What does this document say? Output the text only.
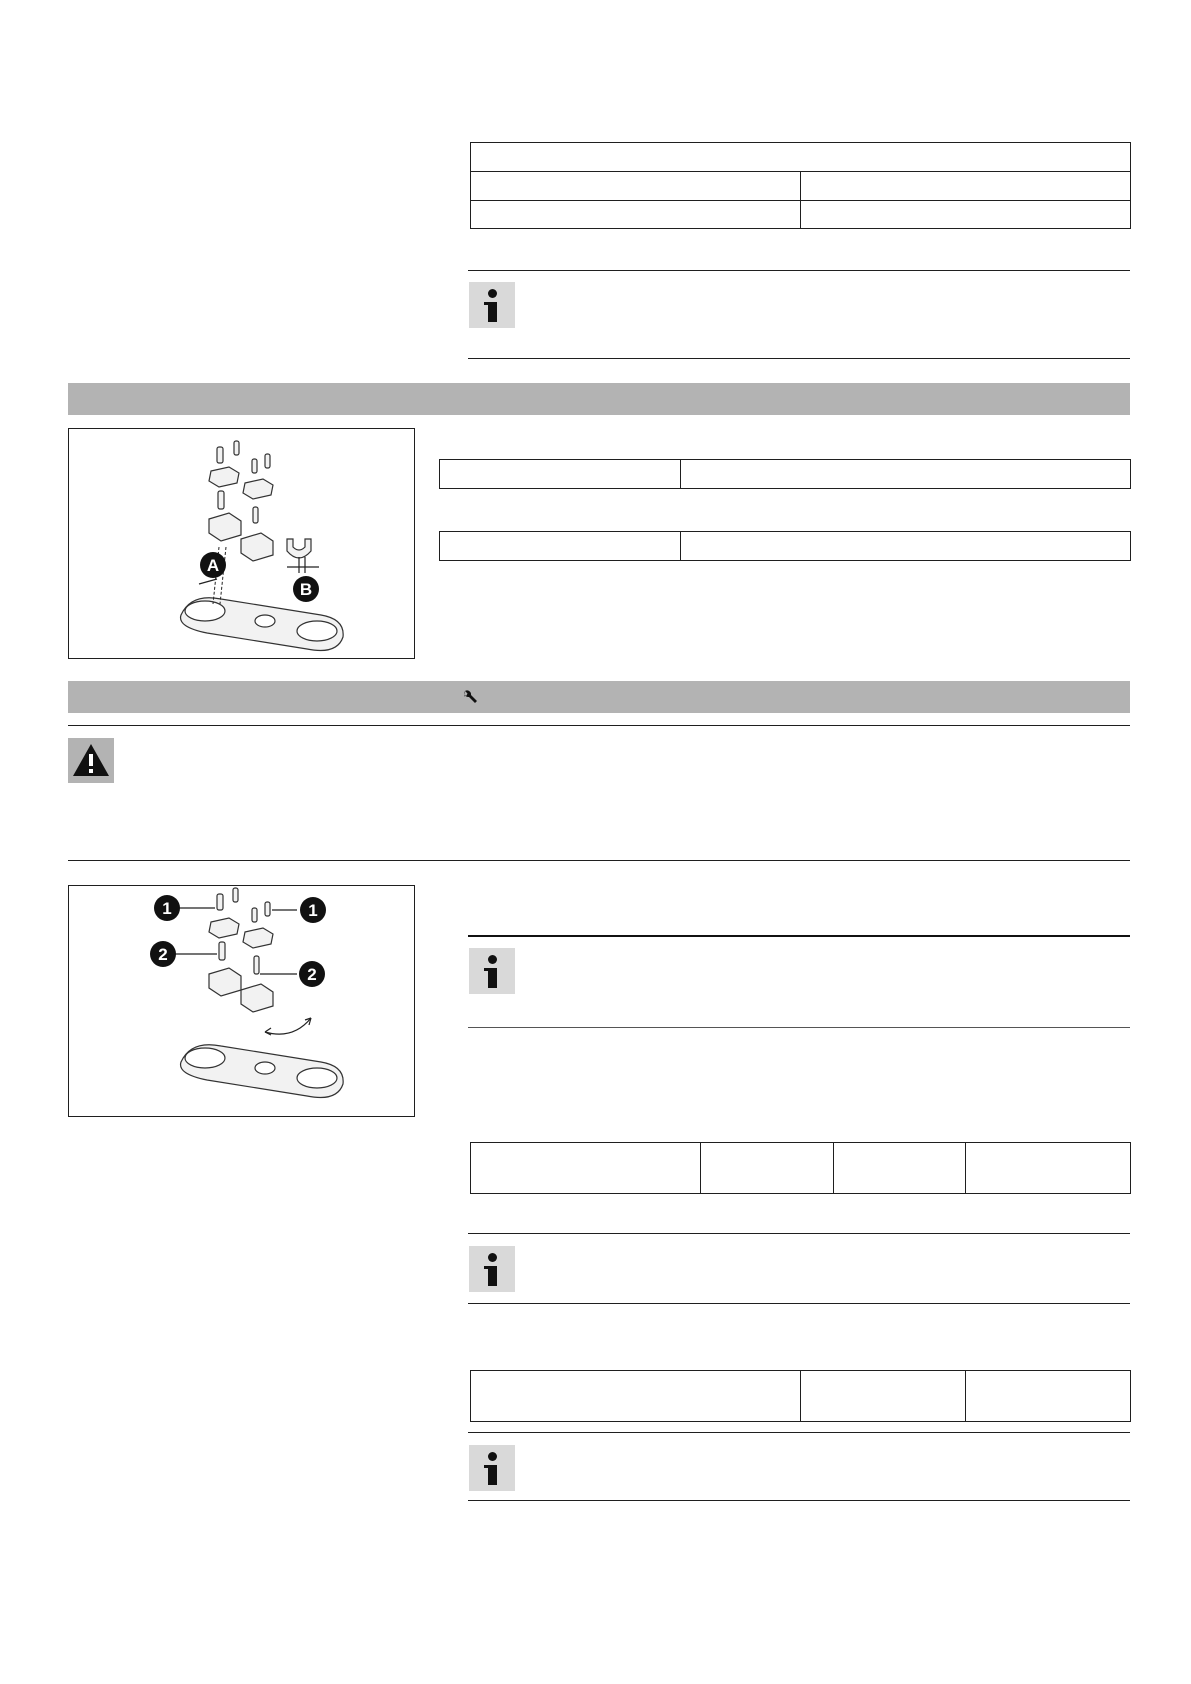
A
B

1	1
2
2
